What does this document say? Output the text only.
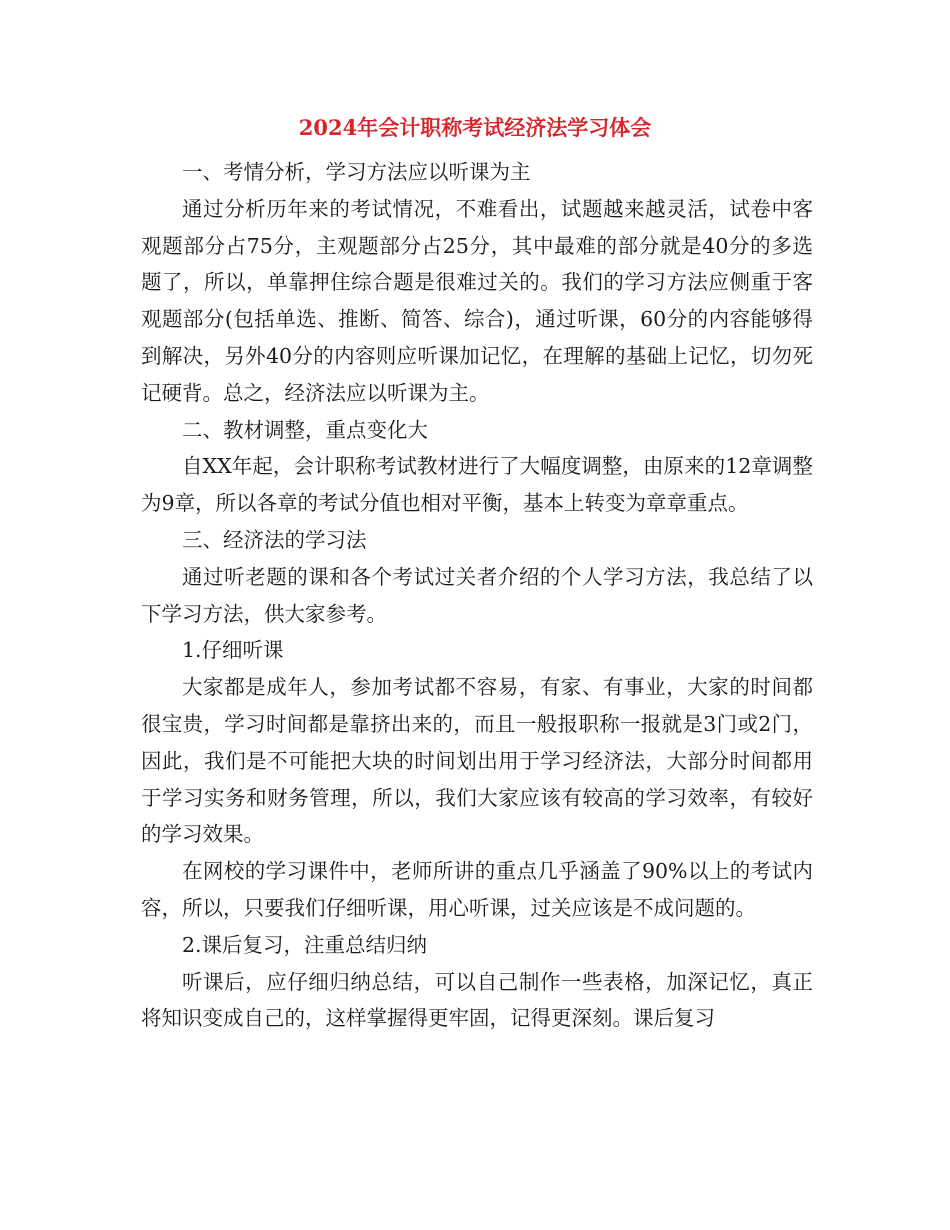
2024年会计职称考试经济法学习体会

一、考情分析，学习方法应以听课为主

通过分析历年来的考试情况，不难看出，试题越来越灵活，试卷中客观题部分占75分，主观题部分占25分，其中最难的部分就是40分的多选题了，所以，单靠押住综合题是很难过关的。我们的学习方法应侧重于客观题部分(包括单选、推断、简答、综合)，通过听课，60分的内容能够得到解决，另外40分的内容则应听课加记忆，在理解的基础上记忆，切勿死记硬背。总之，经济法应以听课为主。

二、教材调整，重点变化大

自XX年起，会计职称考试教材进行了大幅度调整，由原来的12章调整为9章，所以各章的考试分值也相对平衡，基本上转变为章章重点。

三、经济法的学习法

通过听老题的课和各个考试过关者介绍的个人学习方法，我总结了以下学习方法，供大家参考。

1.仔细听课

大家都是成年人，参加考试都不容易，有家、有事业，大家的时间都很宝贵，学习时间都是靠挤出来的，而且一般报职称一报就是3门或2门，因此，我们是不可能把大块的时间划出用于学习经济法，大部分时间都用于学习实务和财务管理，所以，我们大家应该有较高的学习效率，有较好的学习效果。

在网校的学习课件中，老师所讲的重点几乎涵盖了90%以上的考试内容，所以，只要我们仔细听课，用心听课，过关应该是不成问题的。

2.课后复习，注重总结归纳

听课后，应仔细归纳总结，可以自己制作一些表格，加深记忆，真正将知识变成自己的，这样掌握得更牢固，记得更深刻。课后复习
